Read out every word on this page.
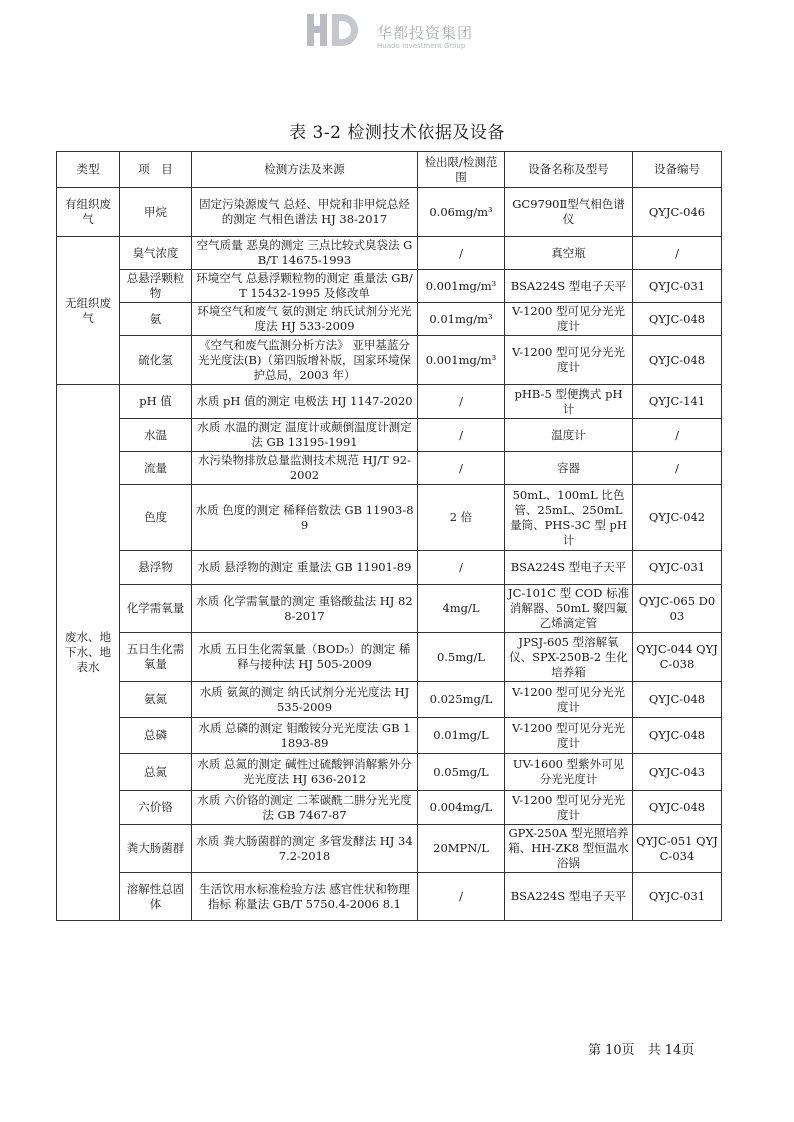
华都投资集团
Huadu Investment Group
表 3-2 检测技术依据及设备
类型	项　目	检测方法及来源	检出限/检测范围	设备名称及型号	设备编号
有组织废气	甲烷	固定污染源废气 总烃、甲烷和非甲烷总烃的测定 气相色谱法 HJ 38-2017	0.06mg/m³	GC9790Ⅱ型气相色谱仪	QYJC-046
无组织废气	臭气浓度	空气质量 恶臭的测定 三点比较式臭袋法 GB/T 14675-1993	/	真空瓶	/
	总悬浮颗粒物	环境空气 总悬浮颗粒物的测定 重量法 GB/T 15432-1995 及修改单	0.001mg/m³	BSA224S 型电子天平	QYJC-031
	氨	环境空气和废气 氨的测定 纳氏试剂分光光度法 HJ 533-2009	0.01mg/m³	V-1200 型可见分光光度计	QYJC-048
	硫化氢	《空气和废气监测分析方法》 亚甲基蓝分光光度法(B)（第四版增补版，国家环境保护总局，2003 年）	0.001mg/m³	V-1200 型可见分光光度计	QYJC-048
废水、地下水、地表水	pH 值	水质 pH 值的测定 电极法 HJ 1147-2020	/	pHB-5 型便携式 pH 计	QYJC-141
	水温	水质 水温的测定 温度计或颠倒温度计测定法 GB 13195-1991	/	温度计	/
	流量	水污染物排放总量监测技术规范 HJ/T 92-2002	/	容器	/
	色度	水质 色度的测定 稀释倍数法 GB 11903-89	2 倍	50mL、100mL 比色管、25mL、250mL 量筒、PHS-3C 型 pH 计	QYJC-042
	悬浮物	水质 悬浮物的测定 重量法 GB 11901-89	/	BSA224S 型电子天平	QYJC-031
	化学需氧量	水质 化学需氧量的测定 重铬酸盐法 HJ 828-2017	4mg/L	JC-101C 型 COD 标准消解器、50mL 聚四氟乙烯滴定管	QYJC-065 D003
	五日生化需氧量	水质 五日生化需氧量（BOD₅）的测定 稀释与接种法 HJ 505-2009	0.5mg/L	JPSJ-605 型溶解氧仪、SPX-250B-2 生化培养箱	QYJC-044 QYJC-038
	氨氮	水质 氨氮的测定 纳氏试剂分光光度法 HJ 535-2009	0.025mg/L	V-1200 型可见分光光度计	QYJC-048
	总磷	水质 总磷的测定 钼酸铵分光光度法 GB 11893-89	0.01mg/L	V-1200 型可见分光光度计	QYJC-048
	总氮	水质 总氮的测定 碱性过硫酸钾消解紫外分光光度法 HJ 636-2012	0.05mg/L	UV-1600 型紫外可见分光光度计	QYJC-043
	六价铬	水质 六价铬的测定 二苯碳酰二肼分光光度法 GB 7467-87	0.004mg/L	V-1200 型可见分光光度计	QYJC-048
	粪大肠菌群	水质 粪大肠菌群的测定 多管发酵法 HJ 347.2-2018	20MPN/L	GPX-250A 型光照培养箱、HH-ZK8 型恒温水浴锅	QYJC-051 QYJC-034
	溶解性总固体	生活饮用水标准检验方法 感官性状和物理指标 称量法 GB/T 5750.4-2006 8.1	/	BSA224S 型电子天平	QYJC-031
第 10页　共 14页
